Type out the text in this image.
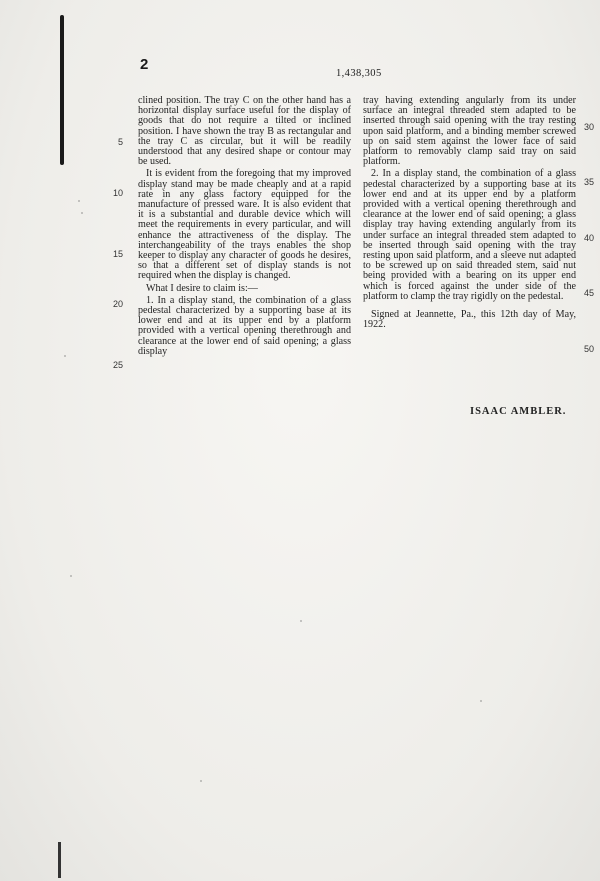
2
1,438,305

clined position. The tray C on the other hand has a horizontal display surface useful for the display of goods that do not require a tilted or inclined position. I have shown the tray B as rectangular and the tray C as circular, but it will be readily understood that any desired shape or contour may be used.

It is evident from the foregoing that my improved display stand may be made cheaply and at a rapid rate in any glass factory equipped for the manufacture of pressed ware. It is also evident that it is a substantial and durable device which will meet the requirements in every particular, and will enhance the attractiveness of the display. The interchangeability of the trays enables the shop keeper to display any character of goods he desires, so that a different set of display stands is not required when the display is changed.

What I desire to claim is:—

1. In a display stand, the combination of a glass pedestal characterized by a supporting base at its lower end and at its upper end by a platform provided with a vertical opening therethrough and clearance at the lower end of said opening; a glass display

5
10
15
20
25

tray having extending angularly from its under surface an integral threaded stem adapted to be inserted through said opening with the tray resting upon said platform, and a binding member screwed up on said stem against the lower face of said platform to removably clamp said tray on said platform.

2. In a display stand, the combination of a glass pedestal characterized by a supporting base at its lower end and at its upper end by a platform provided with a vertical opening therethrough and clearance at the lower end of said opening; a glass display tray having extending angularly from its under surface an integral threaded stem adapted to be inserted through said opening with the tray resting upon said platform, and a sleeve nut adapted to be screwed up on said threaded stem, said nut being provided with a bearing on its upper end which is forced against the under side of the platform to clamp the tray rigidly on the pedestal.

Signed at Jeannette, Pa., this 12th day of May, 1922.

30
35
40
45
50
ISAAC AMBLER.
